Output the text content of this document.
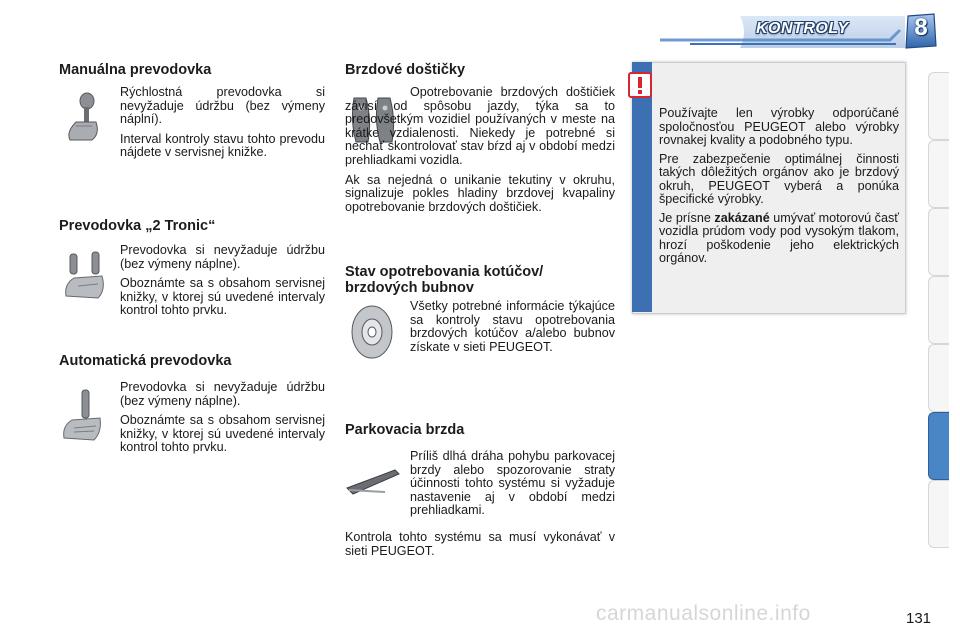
KONTROLY	8
Manuálna prevodovka

Rýchlostná prevodovka si nevyžaduje údržbu (bez výmeny náplní).

Interval kontroly stavu tohto prevodu nájdete v servisnej knižke.

Prevodovka „2 Tronic“

Prevodovka si nevyžaduje údržbu (bez výmeny náplne).

Oboznámte sa s obsahom servisnej knižky, v ktorej sú uvedené intervaly kontrol tohto prvku.

Automatická prevodovka

Prevodovka si nevyžaduje údržbu (bez výmeny náplne).

Oboznámte sa s obsahom servisnej knižky, v ktorej sú uvedené intervaly kontrol tohto prvku.

Brzdové doštičky

Opotrebovanie brzdových doštičiek závisí od spôsobu jazdy, týka sa to predovšetkým vozidiel používaných v meste na krátke vzdialenosti. Niekedy je potrebné si nechať skontrolovať stav bŕzd aj v období medzi prehliadkami vozidla.

Ak sa nejedná o unikanie tekutiny v okruhu, signalizuje pokles hladiny brzdovej kvapaliny opotrebovanie brzdových doštičiek.

Stav opotrebovania kotúčov/ brzdových bubnov

Všetky potrebné informácie týkajúce sa kontroly stavu opotrebovania brzdových kotúčov a/alebo bubnov získate v sieti PEUGEOT.

Parkovacia brzda

Príliš dlhá dráha pohybu parkovacej brzdy alebo spozorovanie straty účinnosti tohto systému si vyžaduje nastavenie aj v období medzi prehliadkami.

Kontrola tohto systému sa musí vykonávať v sieti PEUGEOT.

Používajte len výrobky odporúčané spoločnosťou PEUGEOT alebo výrobky rovnakej kvality a podobného typu.

Pre zabezpečenie optimálnej činnosti takých dôležitých orgánov ako je brzdový okruh, PEUGEOT vyberá a ponúka špecifické výrobky.

Je prísne zakázané umývať motorovú časť vozidla prúdom vody pod vysokým tlakom, hrozí poškodenie jeho elektrických orgánov.

carmanualsonline.info	131
